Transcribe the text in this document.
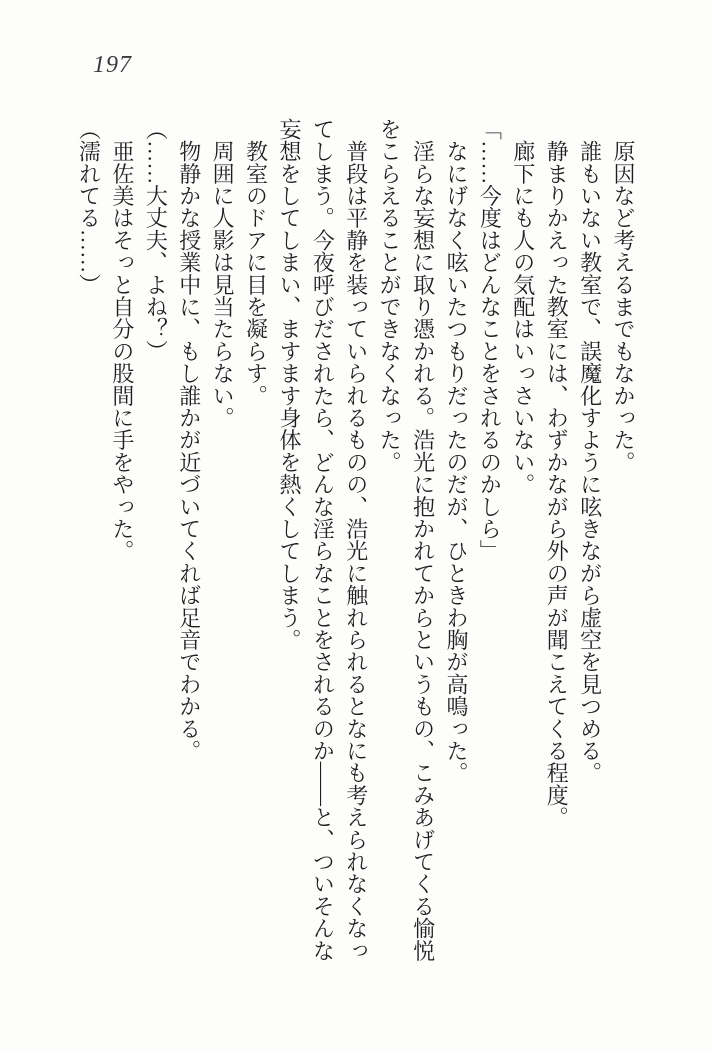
197

　原因など考えるまでもなかった。

　誰もいない教室で、誤魔化すように呟きながら虚空を見つめる。

　静まりかえった教室には、わずかながら外の声が聞こえてくる程度。

　廊下にも人の気配はいっさいない。

「……今度はどんなことをされるのかしら」

　なにげなく呟いたつもりだったのだが、ひときわ胸が高鳴った。

　淫らな妄想に取り憑かれる。浩光に抱かれてからというもの、こみあげてくる愉悦をこらえることができなくなった。

　普段は平静を装っていられるものの、浩光に触れられるとなにも考えられなくなってしまう。今夜呼びだされたら、どんな淫らなことをされるのか――と、ついそんな妄想をしてしまい、ますます身体を熱くしてしまう。

　教室のドアに目を凝らす。

　周囲に人影は見当たらない。

　物静かな授業中に、もし誰かが近づいてくれば足音でわかる。

（……大丈夫、よね？）

　亜佐美はそっと自分の股間に手をやった。

（濡れてる……）
